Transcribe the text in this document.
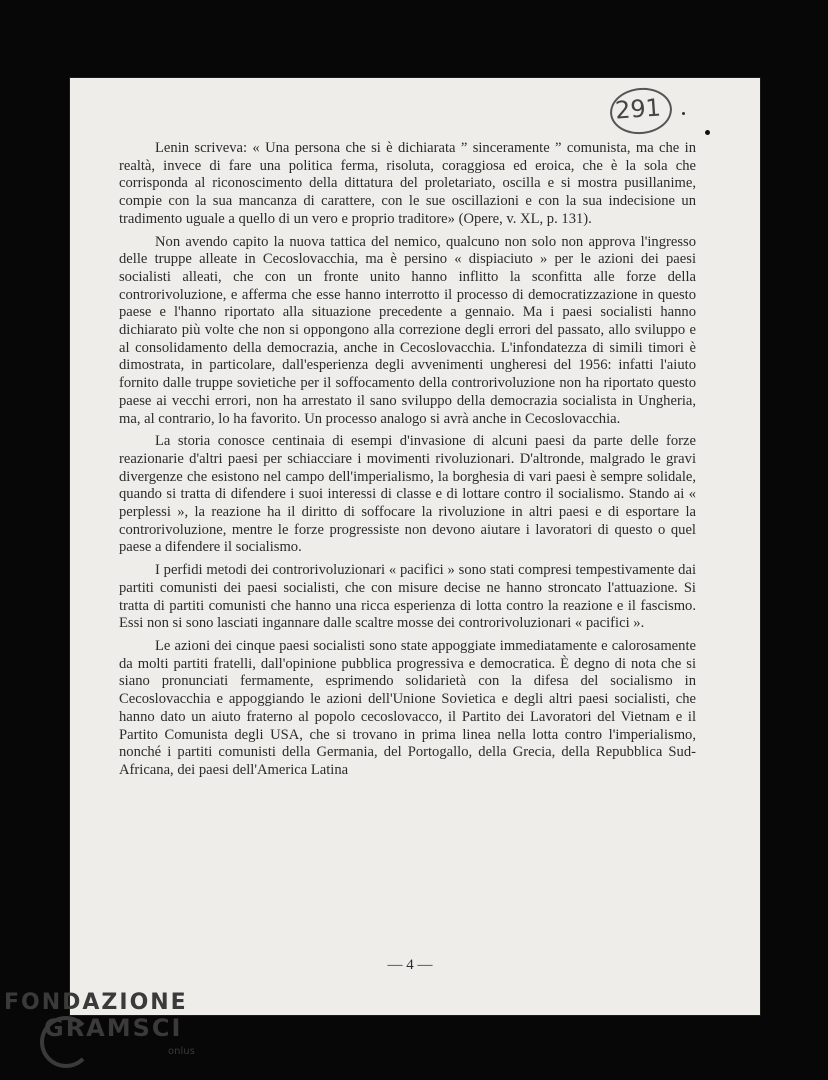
291

Lenin scriveva: « Una persona che si è dichiarata ” sinceramente ” comunista, ma che in realtà, invece di fare una politica ferma, risoluta, coraggiosa ed eroica, che è la sola che corrisponda al riconoscimento della dittatura del proletariato, oscilla e si mostra pusillanime, compie con la sua mancanza di carattere, con le sue oscillazioni e con la sua indecisione un tradimento uguale a quello di un vero e proprio traditore» (Opere, v. XL, p. 131).

Non avendo capito la nuova tattica del nemico, qualcuno non solo non approva l'ingresso delle truppe alleate in Cecoslovacchia, ma è persino « dispiaciuto » per le azioni dei paesi socialisti alleati, che con un fronte unito hanno inflitto la sconfitta alle forze della controrivoluzione, e afferma che esse hanno interrotto il processo di democratizzazione in questo paese e l'hanno riportato alla situazione precedente a gennaio. Ma i paesi socialisti hanno dichiarato più volte che non si oppongono alla correzione degli errori del passato, allo sviluppo e al consolidamento della democrazia, anche in Cecoslovacchia. L'infondatezza di simili timori è dimostrata, in particolare, dall'esperienza degli avvenimenti ungheresi del 1956: infatti l'aiuto fornito dalle truppe sovietiche per il soffocamento della controrivoluzione non ha riportato questo paese ai vecchi errori, non ha arrestato il sano sviluppo della democrazia socialista in Ungheria, ma, al contrario, lo ha favorito. Un processo analogo si avrà anche in Cecoslovacchia.

La storia conosce centinaia di esempi d'invasione di alcuni paesi da parte delle forze reazionarie d'altri paesi per schiacciare i movimenti rivoluzionari. D'altronde, malgrado le gravi divergenze che esistono nel campo dell'imperialismo, la borghesia di vari paesi è sempre solidale, quando si tratta di difendere i suoi interessi di classe e di lottare contro il socialismo. Stando ai « perplessi », la reazione ha il diritto di soffocare la rivoluzione in altri paesi e di esportare la controrivoluzione, mentre le forze progressiste non devono aiutare i lavoratori di questo o quel paese a difendere il socialismo.

I perfidi metodi dei controrivoluzionari « pacifici » sono stati compresi tempestivamente dai partiti comunisti dei paesi socialisti, che con misure decise ne hanno stroncato l'attuazione. Si tratta di partiti comunisti che hanno una ricca esperienza di lotta contro la reazione e il fascismo. Essi non si sono lasciati ingannare dalle scaltre mosse dei controrivoluzionari « pacifici ».

Le azioni dei cinque paesi socialisti sono state appoggiate immediatamente e calorosamente da molti partiti fratelli, dall'opinione pubblica progressiva e democratica. È degno di nota che si siano pronunciati fermamente, esprimendo solidarietà con la difesa del socialismo in Cecoslovacchia e appoggiando le azioni dell'Unione Sovietica e degli altri paesi socialisti, che hanno dato un aiuto fraterno al popolo cecoslovacco, il Partito dei Lavoratori del Vietnam e il Partito Comunista degli USA, che si trovano in prima linea nella lotta contro l'imperialismo, nonché i partiti comunisti della Germania, del Portogallo, della Grecia, della Repubblica Sud-Africana, dei paesi dell'America Latina

— 4 —
FONDAZIONE
GRAMSCI
onlus
